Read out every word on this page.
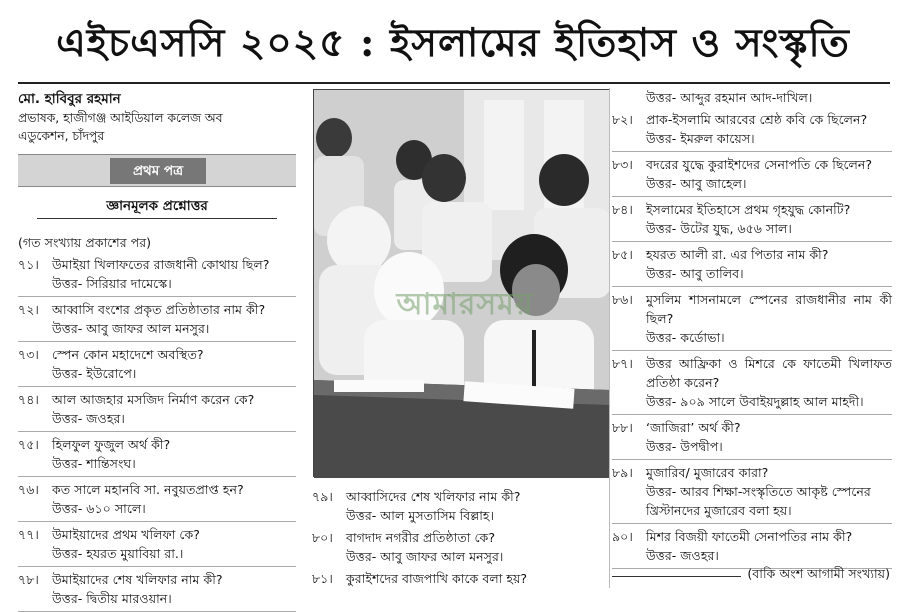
এইচএসসি ২০২৫ : ইসলামের ইতিহাস ও সংস্কৃতি
মো. হাবিবুর রহমান
প্রভাষক, হাজীগঞ্জ আইডিয়াল কলেজ অব
এডুকেশন, চাঁদপুর
প্রথম পত্র
জ্ঞানমূলক প্রশ্নোত্তর
(গত সংখ্যায় প্রকাশের পর)
৭১।	উমাইয়া খিলাফতের রাজধানী কোথায় ছিল?
উত্তর- সিরিয়ার দামেস্কে।
৭২।	আব্বাসি বংশের প্রকৃত প্রতিষ্ঠাতার নাম কী?
উত্তর- আবু জাফর আল মনসুর।
৭৩।	স্পেন কোন মহাদেশে অবস্থিত?
উত্তর- ইউরোপে।
৭৪।	আল আজহার মসজিদ নির্মাণ করেন কে?
উত্তর- জওহর।
৭৫।	হিলফুল ফুজুল অর্থ কী?
উত্তর- শান্তিসংঘ।
৭৬।	কত সালে মহানবি সা. নবুয়তপ্রাপ্ত হন?
উত্তর- ৬১০ সালে।
৭৭।	উমাইয়াদের প্রথম খলিফা কে?
উত্তর- হযরত মুয়াবিয়া রা.।
৭৮।	উমাইয়াদের শেষ খলিফার নাম কী?
উত্তর- দ্বিতীয় মারওয়ান।
আমারসময়
৭৯।	আব্বাসিদের শেষ খলিফার নাম কী?
উত্তর- আল মুসতাসিম বিল্লাহ।
৮০।	বাগদাদ নগরীর প্রতিষ্ঠাতা কে?
উত্তর- আবু জাফর আল মনসুর।
৮১।	কুরাইশদের বাজপাখি কাকে বলা হয়?
উত্তর- আব্দুর রহমান আদ-দাখিল।
৮২।	প্রাক-ইসলামি আরবের শ্রেষ্ঠ কবি কে ছিলেন?
উত্তর- ইমরুল কায়েস।
৮৩।	বদরের যুদ্ধে কুরাইশদের সেনাপতি কে ছিলেন?
উত্তর- আবু জাহেল।
৮৪।	ইসলামের ইতিহাসে প্রথম গৃহযুদ্ধ কোনটি?
উত্তর- উটের যুদ্ধ, ৬৫৬ সাল।
৮৫।	হযরত আলী রা. এর পিতার নাম কী?
উত্তর- আবু তালিব।
৮৬।	মুসলিম শাসনামলে স্পেনের রাজধানীর নাম কী ছিল?
উত্তর- কর্ডোভা।
৮৭।	উত্তর আফ্রিকা ও মিশরে কে ফাতেমী খিলাফত প্রতিষ্ঠা করেন?
উত্তর- ৯০৯ সালে উবাইয়দুল্লাহ আল মাহদী।
৮৮।	‘জাজিরা’ অর্থ কী?
উত্তর- উপদ্বীপ।
৮৯।	মুজারিব/ মুজারেব কারা?
উত্তর- আরব শিক্ষা-সংস্কৃতিতে আকৃষ্ট স্পেনের খ্রিস্টানদের মুজারেব বলা হয়।
৯০।	মিশর বিজয়ী ফাতেমী সেনাপতির নাম কী?
উত্তর- জওহর।
(বাকি অংশ আগামী সংখ্যায়)
